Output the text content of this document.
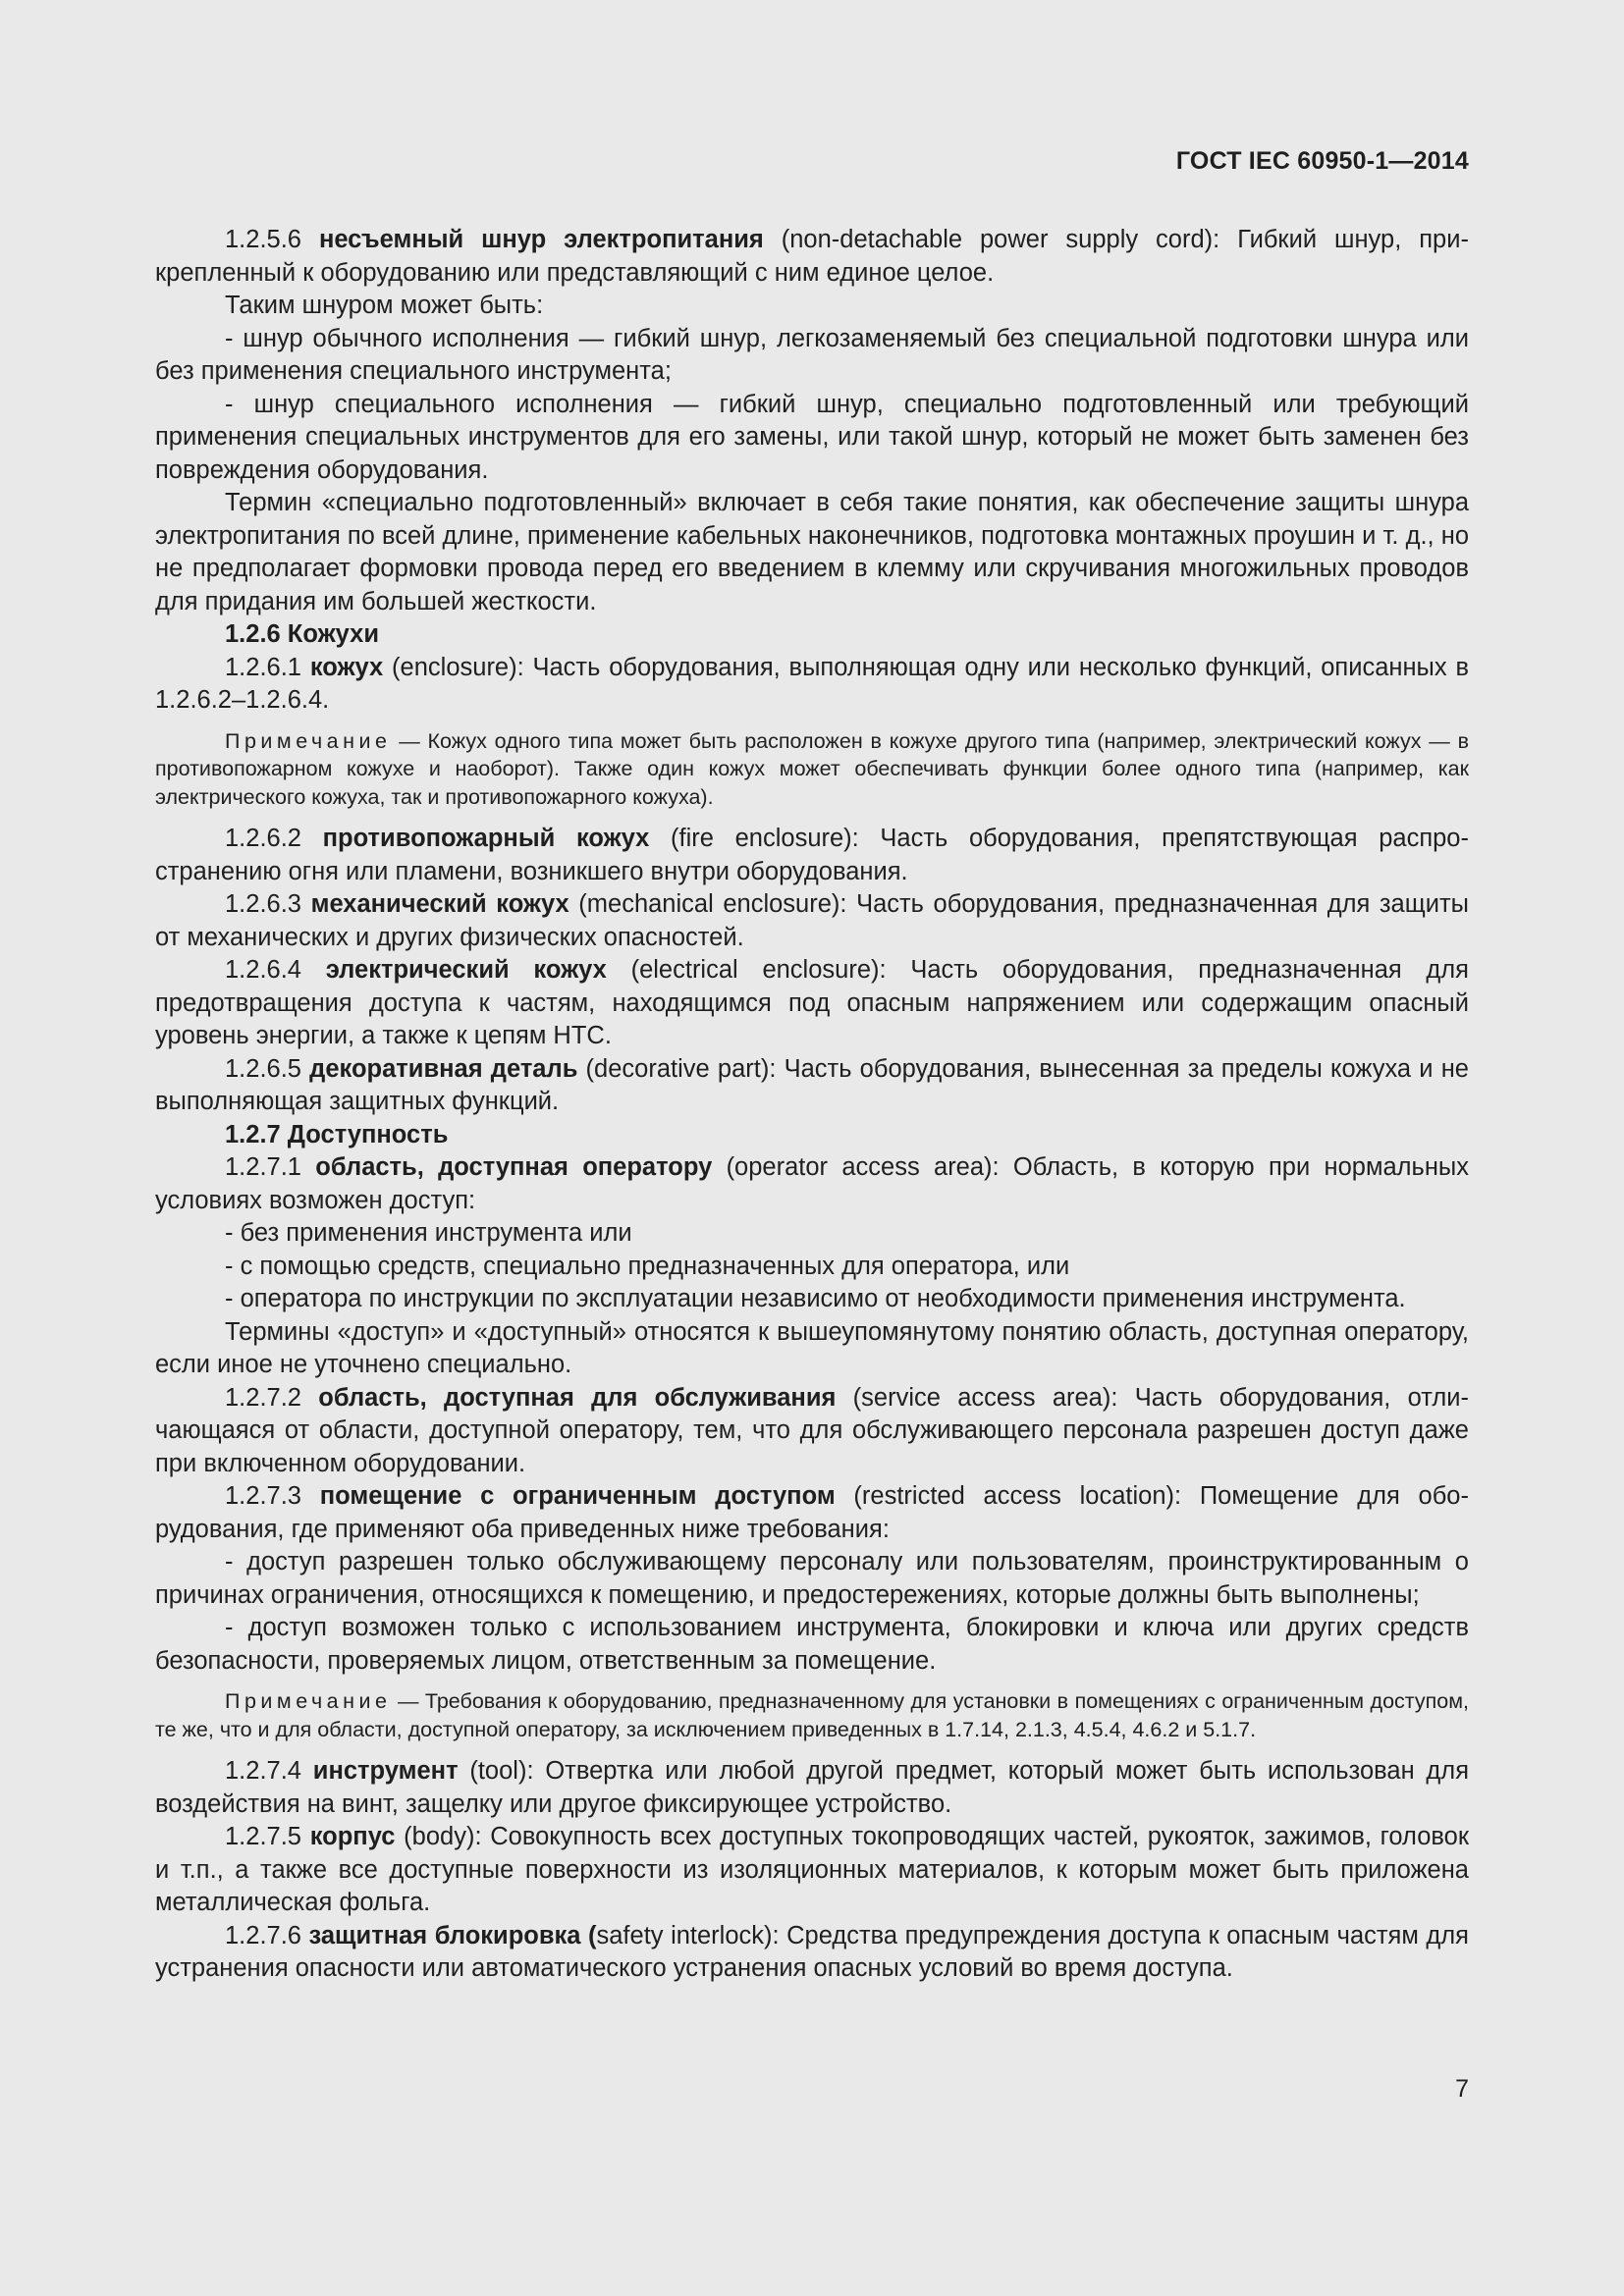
ГОСТ IEC 60950-1—2014

1.2.5.6 несъемный шнур электропитания (non-detachable power supply cord): Гибкий шнур, прикрепленный к оборудованию или представляющий с ним единое целое.

Таким шнуром может быть:

- шнур обычного исполнения — гибкий шнур, легкозаменяемый без специальной подготовки шнура или без применения специального инструмента;

- шнур специального исполнения — гибкий шнур, специально подготовленный или требующий применения специальных инструментов для его замены, или такой шнур, который не может быть заменен без повреждения оборудования.

Термин «специально подготовленный» включает в себя такие понятия, как обеспечение защиты шнура электропитания по всей длине, применение кабельных наконечников, подготовка монтажных проушин и т. д., но не предполагает формовки провода перед его введением в клемму или скручивания многожильных проводов для придания им большей жесткости.

1.2.6 Кожухи

1.2.6.1 кожух (enclosure): Часть оборудования, выполняющая одну или несколько функций, описанных в 1.2.6.2–1.2.6.4.

Примечание — Кожух одного типа может быть расположен в кожухе другого типа (например, электрический кожух — в противопожарном кожухе и наоборот). Также один кожух может обеспечивать функции более одного типа (например, как электрического кожуха, так и противопожарного кожуха).

1.2.6.2 противопожарный кожух (fire enclosure): Часть оборудования, препятствующая распространению огня или пламени, возникшего внутри оборудования.

1.2.6.3 механический кожух (mechanical enclosure): Часть оборудования, предназначенная для защиты от механических и других физических опасностей.

1.2.6.4 электрический кожух (electrical enclosure): Часть оборудования, предназначенная для предотвращения доступа к частям, находящимся под опасным напряжением или содержащим опасный уровень энергии, а также к цепям НТС.

1.2.6.5 декоративная деталь (decorative part): Часть оборудования, вынесенная за пределы кожуха и не выполняющая защитных функций.

1.2.7 Доступность

1.2.7.1 область, доступная оператору (operator access area): Область, в которую при нормальных условиях возможен доступ:

- без применения инструмента или

- с помощью средств, специально предназначенных для оператора, или

- оператора по инструкции по эксплуатации независимо от необходимости применения инструмента.

Термины «доступ» и «доступный» относятся к вышеупомянутому понятию область, доступная оператору, если иное не уточнено специально.

1.2.7.2 область, доступная для обслуживания (service access area): Часть оборудования, отличающаяся от области, доступной оператору, тем, что для обслуживающего персонала разрешен доступ даже при включенном оборудовании.

1.2.7.3 помещение с ограниченным доступом (restricted access location): Помещение для оборудования, где применяют оба приведенных ниже требования:

- доступ разрешен только обслуживающему персоналу или пользователям, проинструктированным о причинах ограничения, относящихся к помещению, и предостережениях, которые должны быть выполнены;

- доступ возможен только с использованием инструмента, блокировки и ключа или других средств безопасности, проверяемых лицом, ответственным за помещение.

Примечание — Требования к оборудованию, предназначенному для установки в помещениях с ограниченным доступом, те же, что и для области, доступной оператору, за исключением приведенных в 1.7.14, 2.1.3, 4.5.4, 4.6.2 и 5.1.7.

1.2.7.4 инструмент (tool): Отвертка или любой другой предмет, который может быть использован для воздействия на винт, защелку или другое фиксирующее устройство.

1.2.7.5 корпус (body): Совокупность всех доступных токопроводящих частей, рукояток, зажимов, головок и т.п., а также все доступные поверхности из изоляционных материалов, к которым может быть приложена металлическая фольга.

1.2.7.6 защитная блокировка (safety interlock): Средства предупреждения доступа к опасным частям для устранения опасности или автоматического устранения опасных условий во время доступа.

7
